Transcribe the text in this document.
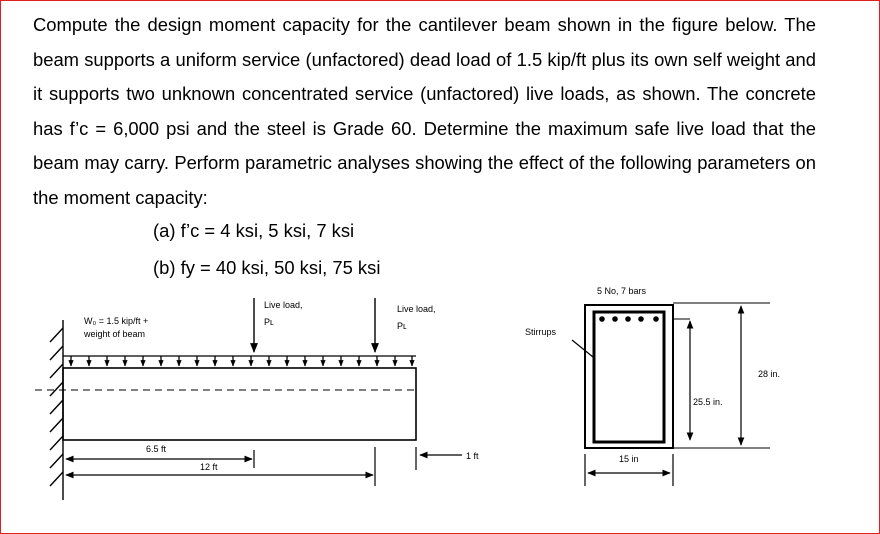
Compute the design moment capacity for the cantilever beam shown in the figure below. The beam supports a uniform service (unfactored) dead load of 1.5 kip/ft plus its own self weight and it supports two unknown concentrated service (unfactored) live loads, as shown. The concrete has f’c = 6,000 psi and the steel is Grade 60. Determine the maximum safe live load that the beam may carry. Perform parametric analyses showing the effect of the following parameters on the moment capacity:
(a) f’c = 4 ksi, 5 ksi, 7 ksi
(b) fy = 40 ksi, 50 ksi, 75 ksi
W₀ = 1.5 kip/ft +
weight of beam
Live load,
Pʟ
Live load,
Pʟ
6.5 ft
12 ft
1 ft
5 No, 7 bars
Stirrups
25.5 in.
28 in.
15 in
